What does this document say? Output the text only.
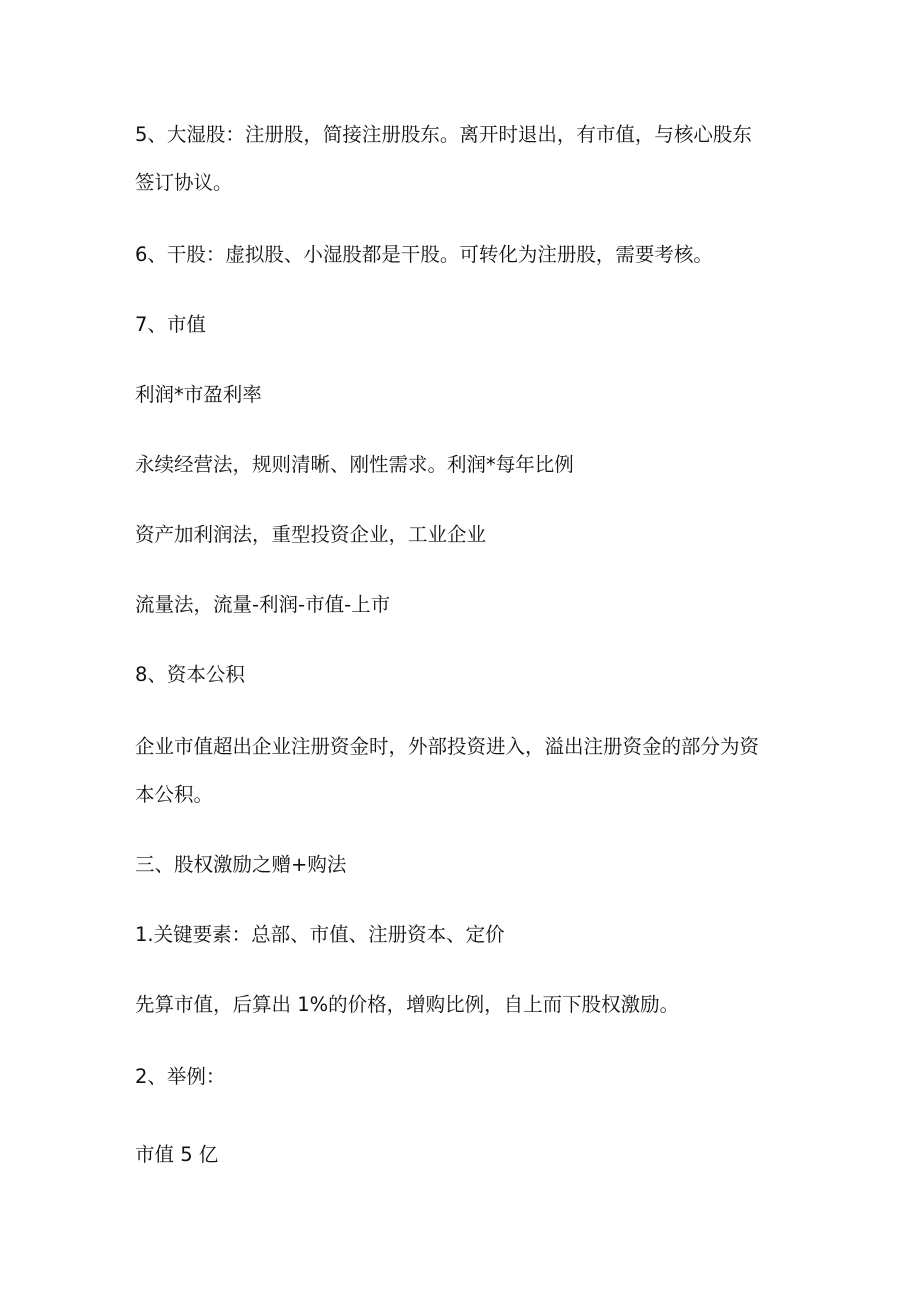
5、大湿股：注册股，简接注册股东。离开时退出，有市值，与核心股东
签订协议。
6、干股：虚拟股、小湿股都是干股。可转化为注册股，需要考核。
7、市值
利润*市盈利率
永续经营法，规则清晰、刚性需求。利润*每年比例
资产加利润法，重型投资企业，工业企业
流量法，流量-利润-市值-上市
8、资本公积
企业市值超出企业注册资金时，外部投资进入，溢出注册资金的部分为资
本公积。
三、股权激励之赠+购法
1.关键要素：总部、市值、注册资本、定价
先算市值，后算出 1%的价格，增购比例，自上而下股权激励。
2、举例：
市值 5 亿
